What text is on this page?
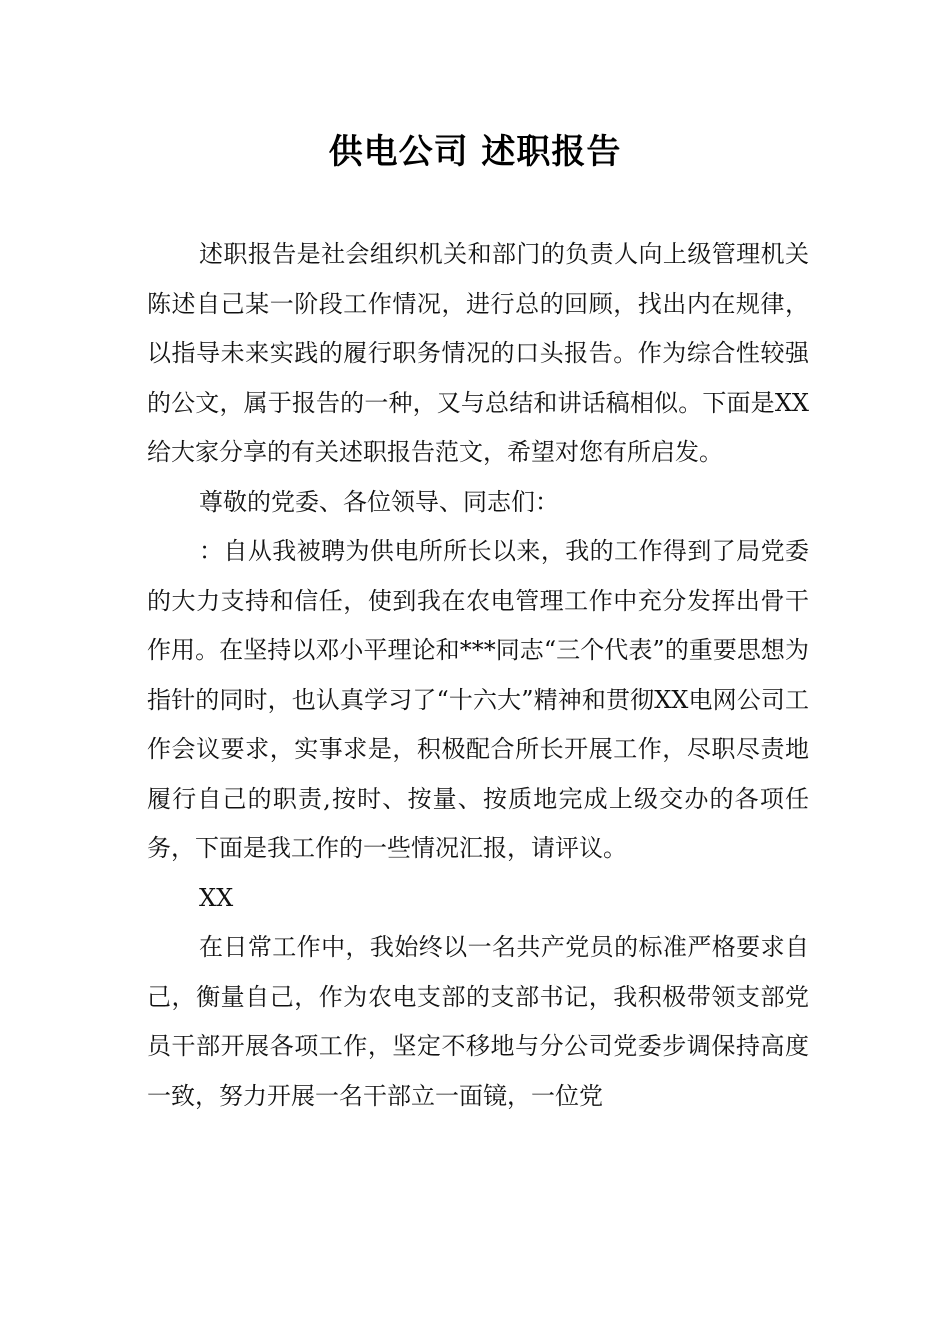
供电公司 述职报告

述职报告是社会组织机关和部门的负责人向上级管理机关陈述自己某一阶段工作情况，进行总的回顾，找出内在规律，以指导未来实践的履行职务情况的口头报告。作为综合性较强的公文，属于报告的一种，又与总结和讲话稿相似。下面是XX给大家分享的有关述职报告范文，希望对您有所启发。

尊敬的党委、各位领导、同志们：

：自从我被聘为供电所所长以来，我的工作得到了局党委的大力支持和信任，使到我在农电管理工作中充分发挥出骨干作用。在坚持以邓小平理论和***同志“三个代表”的重要思想为指针的同时，也认真学习了“十六大”精神和贯彻XX电网公司工作会议要求，实事求是，积极配合所长开展工作，尽职尽责地履行自己的职责,按时、按量、按质地完成上级交办的各项任务，下面是我工作的一些情况汇报，请评议。

XX

在日常工作中，我始终以一名共产党员的标准严格要求自己，衡量自己，作为农电支部的支部书记，我积极带领支部党员干部开展各项工作，坚定不移地与分公司党委步调保持高度一致，努力开展一名干部立一面镜，一位党
